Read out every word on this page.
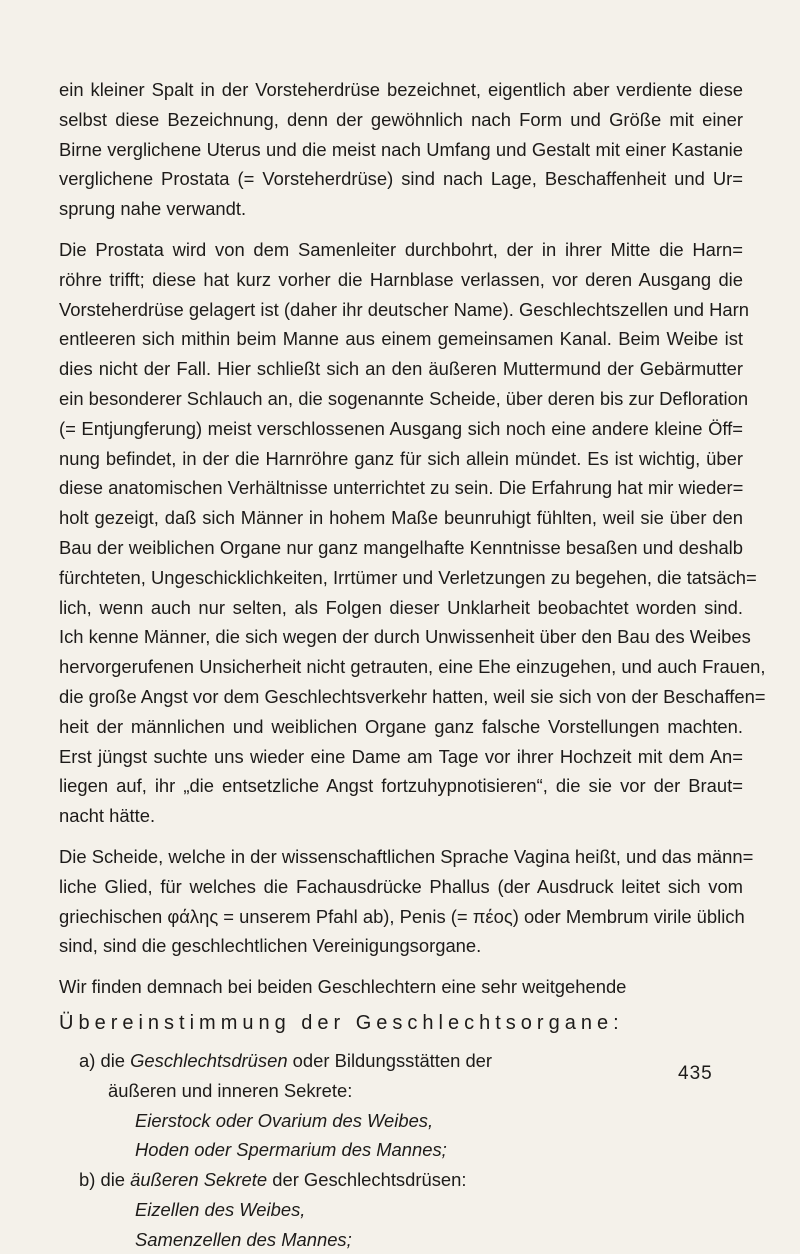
ein kleiner Spalt in der Vorsteherdrüse bezeichnet, eigentlich aber verdiente diese
selbst diese Bezeichnung, denn der gewöhnlich nach Form und Größe mit einer
Birne verglichene Uterus und die meist nach Umfang und Gestalt mit einer Kastanie
verglichene Prostata (= Vorsteherdrüse) sind nach Lage, Beschaffenheit und Ur=
sprung nahe verwandt.

Die Prostata wird von dem Samenleiter durchbohrt, der in ihrer Mitte die Harn=
röhre trifft; diese hat kurz vorher die Harnblase verlassen, vor deren Ausgang die
Vorsteherdrüse gelagert ist (daher ihr deutscher Name). Geschlechtszellen und Harn
entleeren sich mithin beim Manne aus einem gemeinsamen Kanal. Beim Weibe ist
dies nicht der Fall. Hier schließt sich an den äußeren Muttermund der Gebärmutter
ein besonderer Schlauch an, die sogenannte Scheide, über deren bis zur Defloration
(= Entjungferung) meist verschlossenen Ausgang sich noch eine andere kleine Öff=
nung befindet, in der die Harnröhre ganz für sich allein mündet. Es ist wichtig, über
diese anatomischen Verhältnisse unterrichtet zu sein. Die Erfahrung hat mir wieder=
holt gezeigt, daß sich Männer in hohem Maße beunruhigt fühlten, weil sie über den
Bau der weiblichen Organe nur ganz mangelhafte Kenntnisse besaßen und deshalb
fürchteten, Ungeschicklichkeiten, Irrtümer und Verletzungen zu begehen, die tatsäch=
lich, wenn auch nur selten, als Folgen dieser Unklarheit beobachtet worden sind.
Ich kenne Männer, die sich wegen der durch Unwissenheit über den Bau des Weibes
hervorgerufenen Unsicherheit nicht getrauten, eine Ehe einzugehen, und auch Frauen,
die große Angst vor dem Geschlechtsverkehr hatten, weil sie sich von der Beschaffen=
heit der männlichen und weiblichen Organe ganz falsche Vorstellungen machten.
Erst jüngst suchte uns wieder eine Dame am Tage vor ihrer Hochzeit mit dem An=
liegen auf, ihr „die entsetzliche Angst fortzuhypnotisieren“, die sie vor der Braut=
nacht hätte.

Die Scheide, welche in der wissenschaftlichen Sprache Vagina heißt, und das männ=
liche Glied, für welches die Fachausdrücke Phallus (der Ausdruck leitet sich vom
griechischen φάλης = unserem Pfahl ab), Penis (= πέος) oder Membrum virile üblich
sind, sind die geschlechtlichen Vereinigungsorgane.

Wir finden demnach bei beiden Geschlechtern eine sehr weitgehende

Übereinstimmung der Geschlechtsorgane:

a) die Geschlechtsdrüsen oder Bildungsstätten der
äußeren und inneren Sekrete:
Eierstock oder Ovarium des Weibes,
Hoden oder Spermarium des Mannes;
b) die äußeren Sekrete der Geschlechtsdrüsen:
Eizellen des Weibes,
Samenzellen des Mannes;
435
